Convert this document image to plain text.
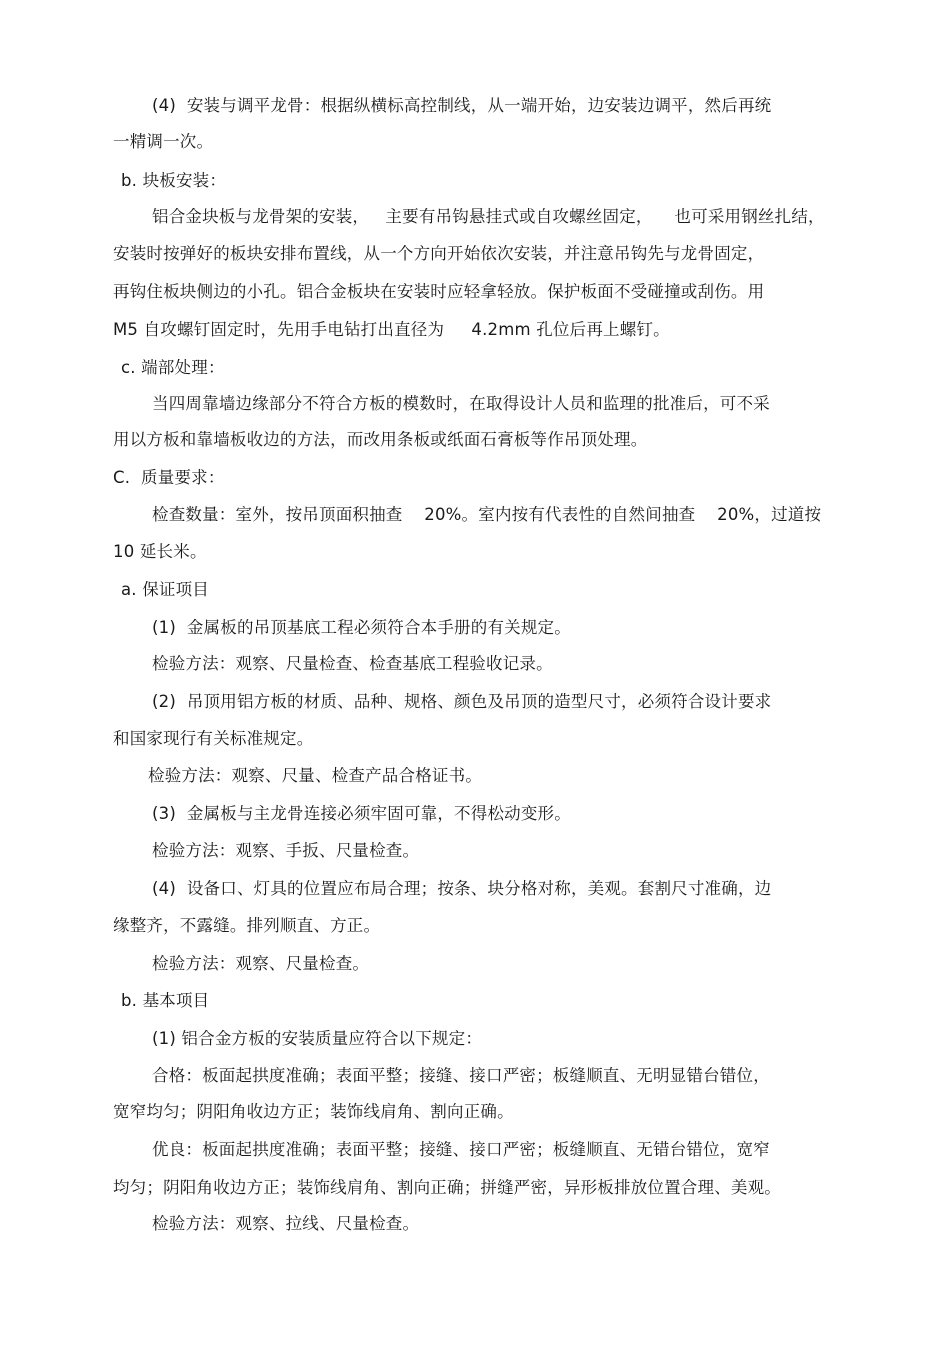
(4)  安装与调平龙骨：根据纵横标高控制线，从一端开始，边安装边调平，然后再统
一精调一次。
b. 块板安装：
铝合金块板与龙骨架的安装，   主要有吊钩悬挂式或自攻螺丝固定，    也可采用钢丝扎结，
安装时按弹好的板块安排布置线，从一个方向开始依次安装，并注意吊钩先与龙骨固定，
再钩住板块侧边的小孔。铝合金板块在安装时应轻拿轻放。保护板面不受碰撞或刮伤。用
M5 自攻螺钉固定时，先用手电钻打出直径为     4.2mm 孔位后再上螺钉。
c. 端部处理：
当四周靠墙边缘部分不符合方板的模数时，在取得设计人员和监理的批准后，可不采
用以方板和靠墙板收边的方法，而改用条板或纸面石膏板等作吊顶处理。
C.  质量要求：
检查数量：室外，按吊顶面积抽查    20%。室内按有代表性的自然间抽查    20%，过道按
10 延长米。
a. 保证项目
(1)  金属板的吊顶基底工程必须符合本手册的有关规定。
检验方法：观察、尺量检查、检查基底工程验收记录。
(2)  吊顶用铝方板的材质、品种、规格、颜色及吊顶的造型尺寸，必须符合设计要求
和国家现行有关标准规定。
检验方法：观察、尺量、检查产品合格证书。
(3)  金属板与主龙骨连接必须牢固可靠，不得松动变形。
检验方法：观察、手扳、尺量检查。
(4)  设备口、灯具的位置应布局合理；按条、块分格对称，美观。套割尺寸准确，边
缘整齐，不露缝。排列顺直、方正。
检验方法：观察、尺量检查。
b. 基本项目
(1) 铝合金方板的安装质量应符合以下规定：
合格：板面起拱度准确；表面平整；接缝、接口严密；板缝顺直、无明显错台错位，
宽窄均匀；阴阳角收边方正；装饰线肩角、割向正确。
优良：板面起拱度准确；表面平整；接缝、接口严密；板缝顺直、无错台错位，宽窄
均匀；阴阳角收边方正；装饰线肩角、割向正确；拼缝严密，异形板排放位置合理、美观。
检验方法：观察、拉线、尺量检查。
